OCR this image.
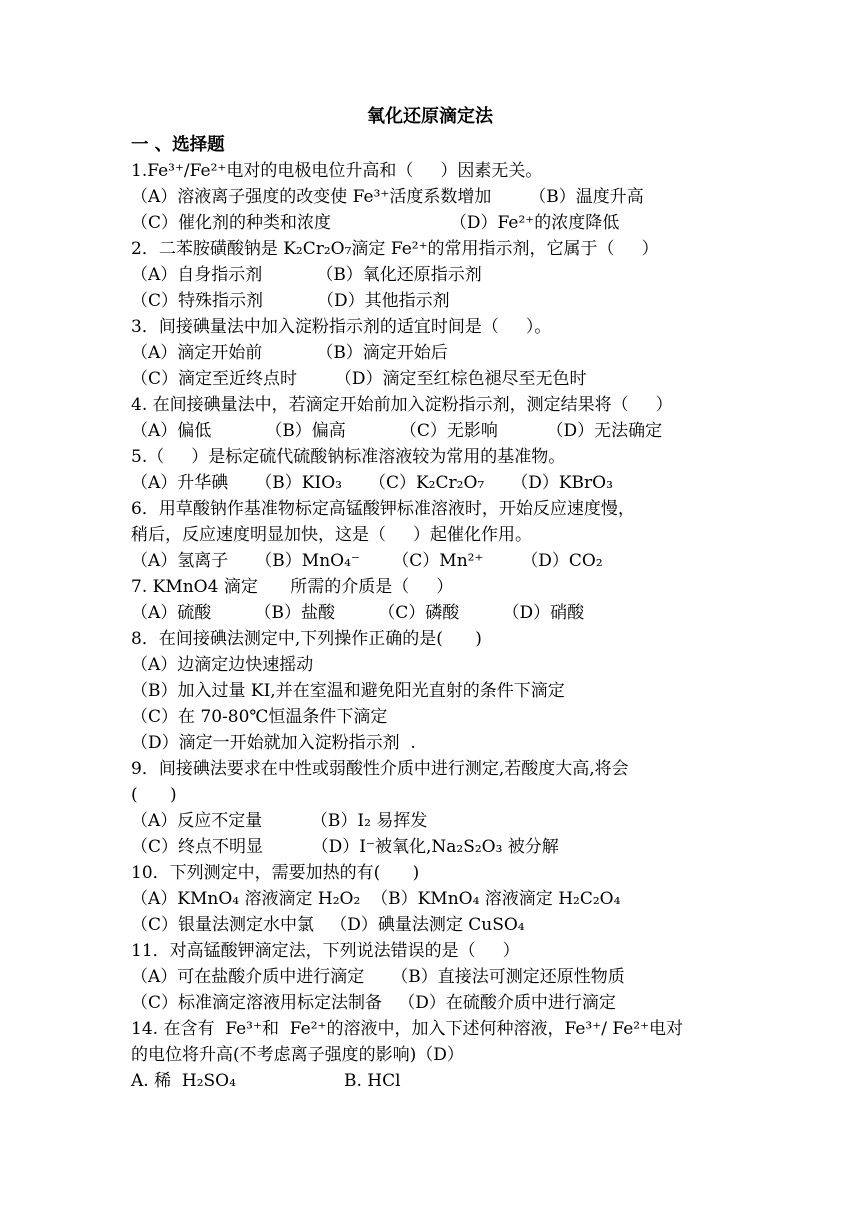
氧化还原滴定法
一 、选择题
1.Fe³⁺/Fe²⁺电对的电极电位升高和（     ）因素无关。
（A）溶液离子强度的改变使 Fe³⁺活度系数增加       （B）温度升高
（C）催化剂的种类和浓度                      （D）Fe²⁺的浓度降低
2．二苯胺磺酸钠是 K₂Cr₂O₇滴定 Fe²⁺的常用指示剂，它属于（     ）
（A）自身指示剂          （B）氧化还原指示剂
（C）特殊指示剂          （D）其他指示剂
3．间接碘量法中加入淀粉指示剂的适宜时间是（     ）。
（A）滴定开始前          （B）滴定开始后
（C）滴定至近终点时       （D）滴定至红棕色褪尽至无色时
4. 在间接碘量法中，若滴定开始前加入淀粉指示剂，测定结果将（     ）
（A）偏低          （B）偏高          （C）无影响         （D）无法确定
5.（     ）是标定硫代硫酸钠标准溶液较为常用的基准物。
（A）升华碘     （B）KIO₃     （C）K₂Cr₂O₇     （D）KBrO₃
6．用草酸钠作基准物标定高锰酸钾标准溶液时，开始反应速度慢，
稍后，反应速度明显加快，这是（     ）起催化作用。
（A）氢离子     （B）MnO₄⁻      （C）Mn²⁺       （D）CO₂
7. KMnO4 滴定      所需的介质是（     ）
（A）硫酸        （B）盐酸        （C）磷酸        （D）硝酸
8．在间接碘法测定中,下列操作正确的是(      )
（A）边滴定边快速摇动
（B）加入过量 KI,并在室温和避免阳光直射的条件下滴定
（C）在 70-80℃恒温条件下滴定
（D）滴定一开始就加入淀粉指示剂  .
9．间接碘法要求在中性或弱酸性介质中进行测定,若酸度大高,将会
(      )
（A）反应不定量         （B）I₂ 易挥发
（C）终点不明显         （D）I⁻被氧化,Na₂S₂O₃ 被分解
10．下列测定中，需要加热的有(      )
（A）KMnO₄ 溶液滴定 H₂O₂  （B）KMnO₄ 溶液滴定 H₂C₂O₄
（C）银量法测定水中氯   （D）碘量法测定 CuSO₄
11．对高锰酸钾滴定法，下列说法错误的是（     ）
（A）可在盐酸介质中进行滴定     （B）直接法可测定还原性物质
（C）标准滴定溶液用标定法制备   （D）在硫酸介质中进行滴定
14. 在含有  Fe³⁺和  Fe²⁺的溶液中，加入下述何种溶液，Fe³⁺/ Fe²⁺电对
的电位将升高(不考虑离子强度的影响)（D）
A. 稀  H₂SO₄                    B. HCl
